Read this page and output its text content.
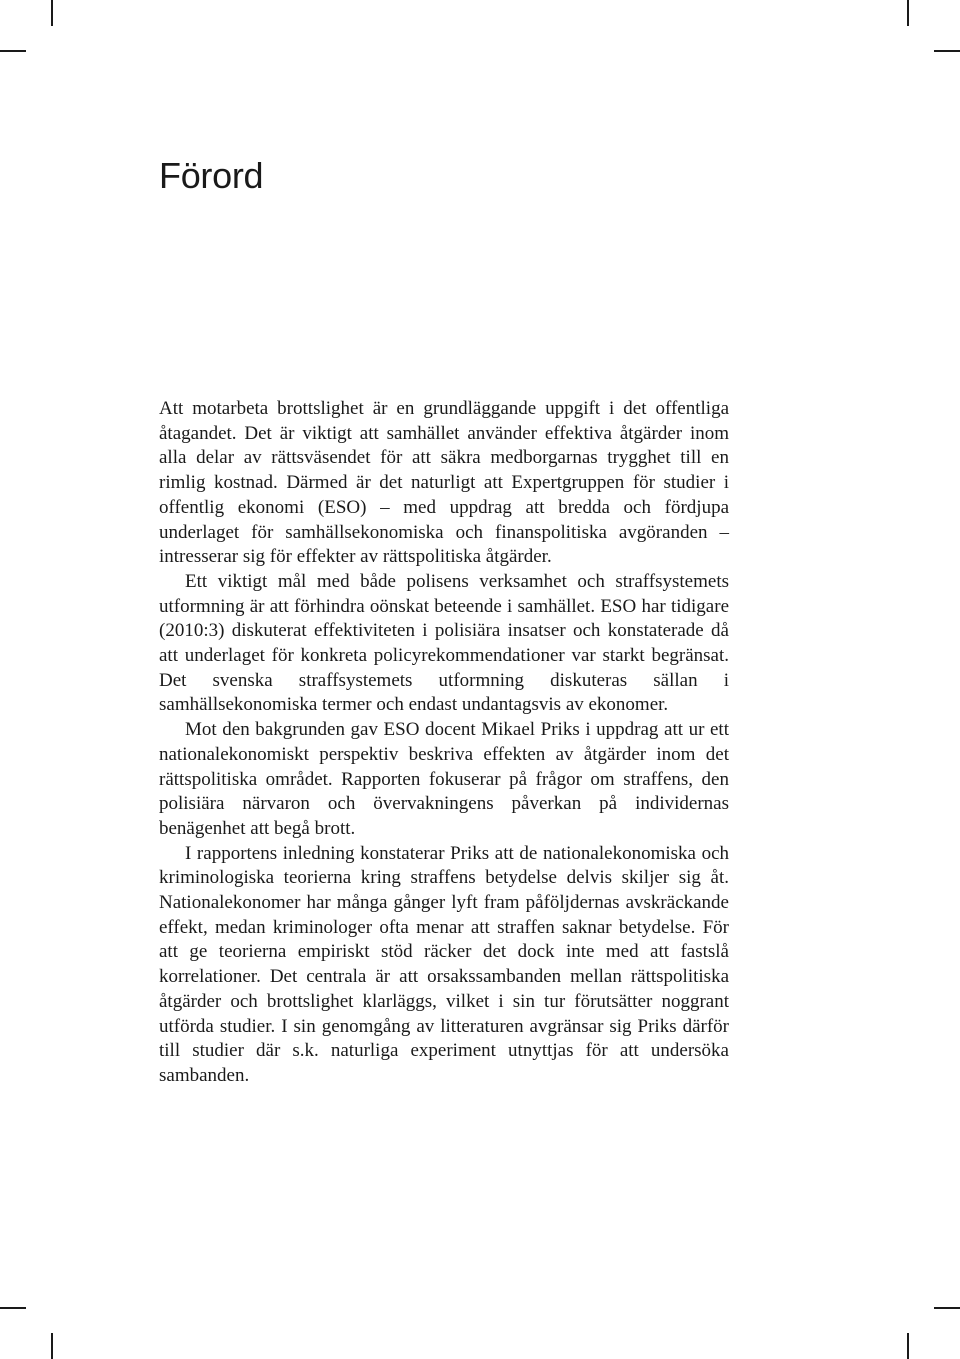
Förord

Att motarbeta brottslighet är en grundläggande uppgift i det offentliga åtagandet. Det är viktigt att samhället använder effektiva åtgärder inom alla delar av rättsväsendet för att säkra medborgarnas trygghet till en rimlig kostnad. Därmed är det naturligt att Expertgruppen för studier i offentlig ekonomi (ESO) – med uppdrag att bredda och fördjupa underlaget för samhällsekonomiska och finanspolitiska avgöranden – intresserar sig för effekter av rättspolitiska åtgärder.

Ett viktigt mål med både polisens verksamhet och straffsystemets utformning är att förhindra oönskat beteende i samhället. ESO har tidigare (2010:3) diskuterat effektiviteten i polisiära insatser och konstaterade då att underlaget för konkreta policyrekommendationer var starkt begränsat. Det svenska straffsystemets utformning diskuteras sällan i samhällsekonomiska termer och endast undantagsvis av ekonomer.

Mot den bakgrunden gav ESO docent Mikael Priks i uppdrag att ur ett nationalekonomiskt perspektiv beskriva effekten av åtgärder inom det rättspolitiska området. Rapporten fokuserar på frågor om straffens, den polisiära närvaron och övervakningens påverkan på individernas benägenhet att begå brott.

I rapportens inledning konstaterar Priks att de nationalekonomiska och kriminologiska teorierna kring straffens betydelse delvis skiljer sig åt. Nationalekonomer har många gånger lyft fram påföljdernas avskräckande effekt, medan kriminologer ofta menar att straffen saknar betydelse. För att ge teorierna empiriskt stöd räcker det dock inte med att fastslå korrelationer. Det centrala är att orsakssambanden mellan rättspolitiska åtgärder och brottslighet klarläggs, vilket i sin tur förutsätter noggrant utförda studier. I sin genomgång av litteraturen avgränsar sig Priks därför till studier där s.k. naturliga experiment utnyttjas för att undersöka sambanden.
